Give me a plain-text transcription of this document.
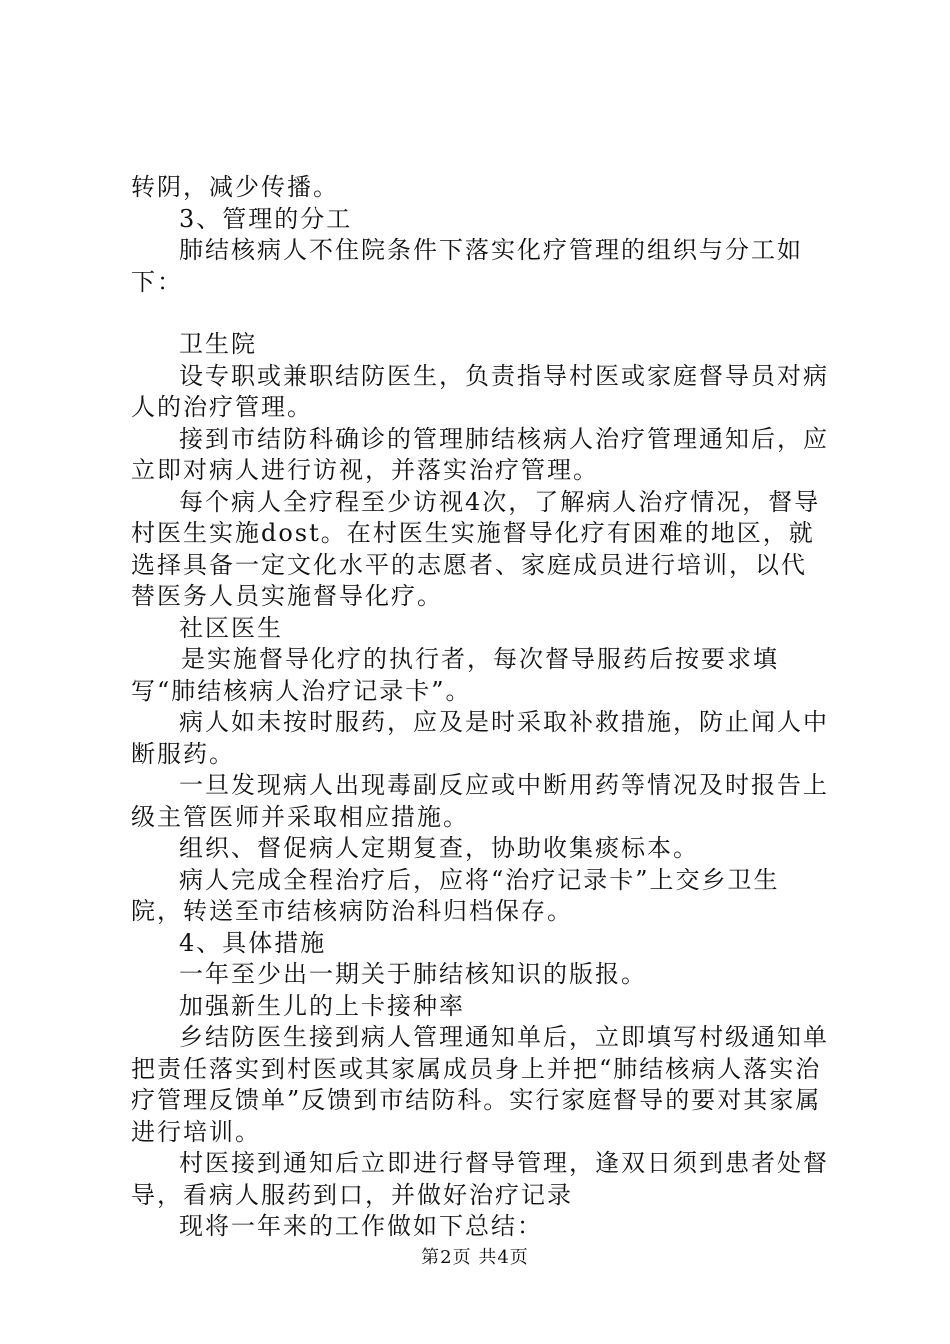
转阴，减少传播。

3、管理的分工

肺结核病人不住院条件下落实化疗管理的组织与分工如下：

卫生院

设专职或兼职结防医生，负责指导村医或家庭督导员对病人的治疗管理。

接到市结防科确诊的管理肺结核病人治疗管理通知后，应立即对病人进行访视，并落实治疗管理。

每个病人全疗程至少访视4次，了解病人治疗情况，督导村医生实施dost。在村医生实施督导化疗有困难的地区，就选择具备一定文化水平的志愿者、家庭成员进行培训，以代替医务人员实施督导化疗。

社区医生

是实施督导化疗的执行者，每次督导服药后按要求填写“肺结核病人治疗记录卡”。

病人如未按时服药，应及是时采取补救措施，防止闻人中断服药。

一旦发现病人出现毒副反应或中断用药等情况及时报告上级主管医师并采取相应措施。

组织、督促病人定期复查，协助收集痰标本。

病人完成全程治疗后，应将“治疗记录卡”上交乡卫生院，转送至市结核病防治科归档保存。

4、具体措施

一年至少出一期关于肺结核知识的版报。

加强新生儿的上卡接种率

乡结防医生接到病人管理通知单后，立即填写村级通知单把责任落实到村医或其家属成员身上并把“肺结核病人落实治疗管理反馈单”反馈到市结防科。实行家庭督导的要对其家属进行培训。

村医接到通知后立即进行督导管理，逢双日须到患者处督导，看病人服药到口，并做好治疗记录

现将一年来的工作做如下总结：

第2页 共4页
